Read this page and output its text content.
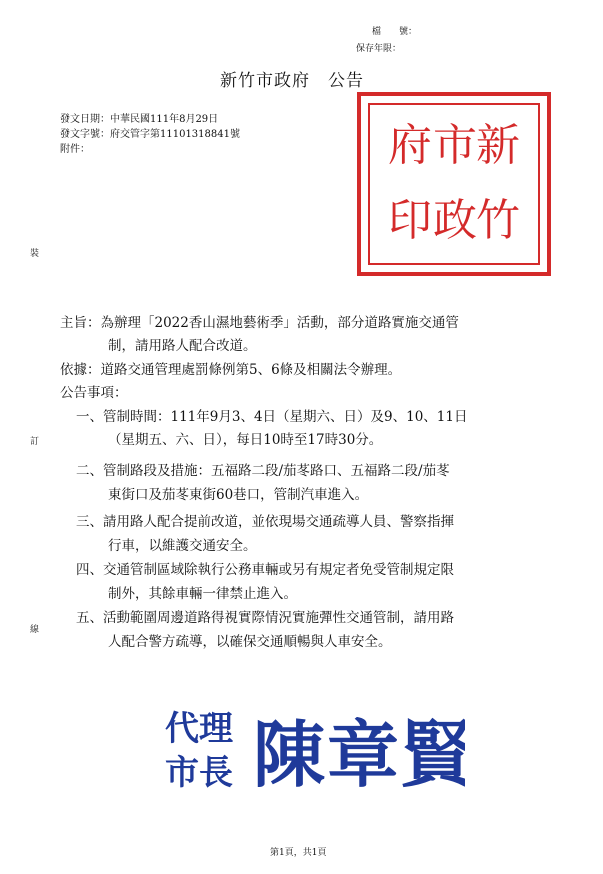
檔　　號：
保存年限：
新竹市政府　公告
發文日期：中華民國111年8月29日
發文字號：府交管字第11101318841號
附件：
裝
訂
線
新
竹
市
政
府
印
主旨：為辦理「2022香山濕地藝術季」活動，部分道路實施交通管
制，請用路人配合改道。
依據：道路交通管理處罰條例第5、6條及相關法令辦理。
公告事項：
一、管制時間：111年9月3、4日（星期六、日）及9、10、11日
（星期五、六、日），每日10時至17時30分。
二、管制路段及措施：五福路二段/茄苳路口、五福路二段/茄苳
東街口及茄苳東街60巷口，管制汽車進入。
三、請用路人配合提前改道，並依現場交通疏導人員、警察指揮
行車，以維護交通安全。
四、交通管制區域除執行公務車輛或另有規定者免受管制規定限
制外，其餘車輛一律禁止進入。
五、活動範圍周邊道路得視實際情況實施彈性交通管制，請用路
人配合警方疏導，以確保交通順暢與人車安全。
代理
市長 陳章賢
第1頁，共1頁
